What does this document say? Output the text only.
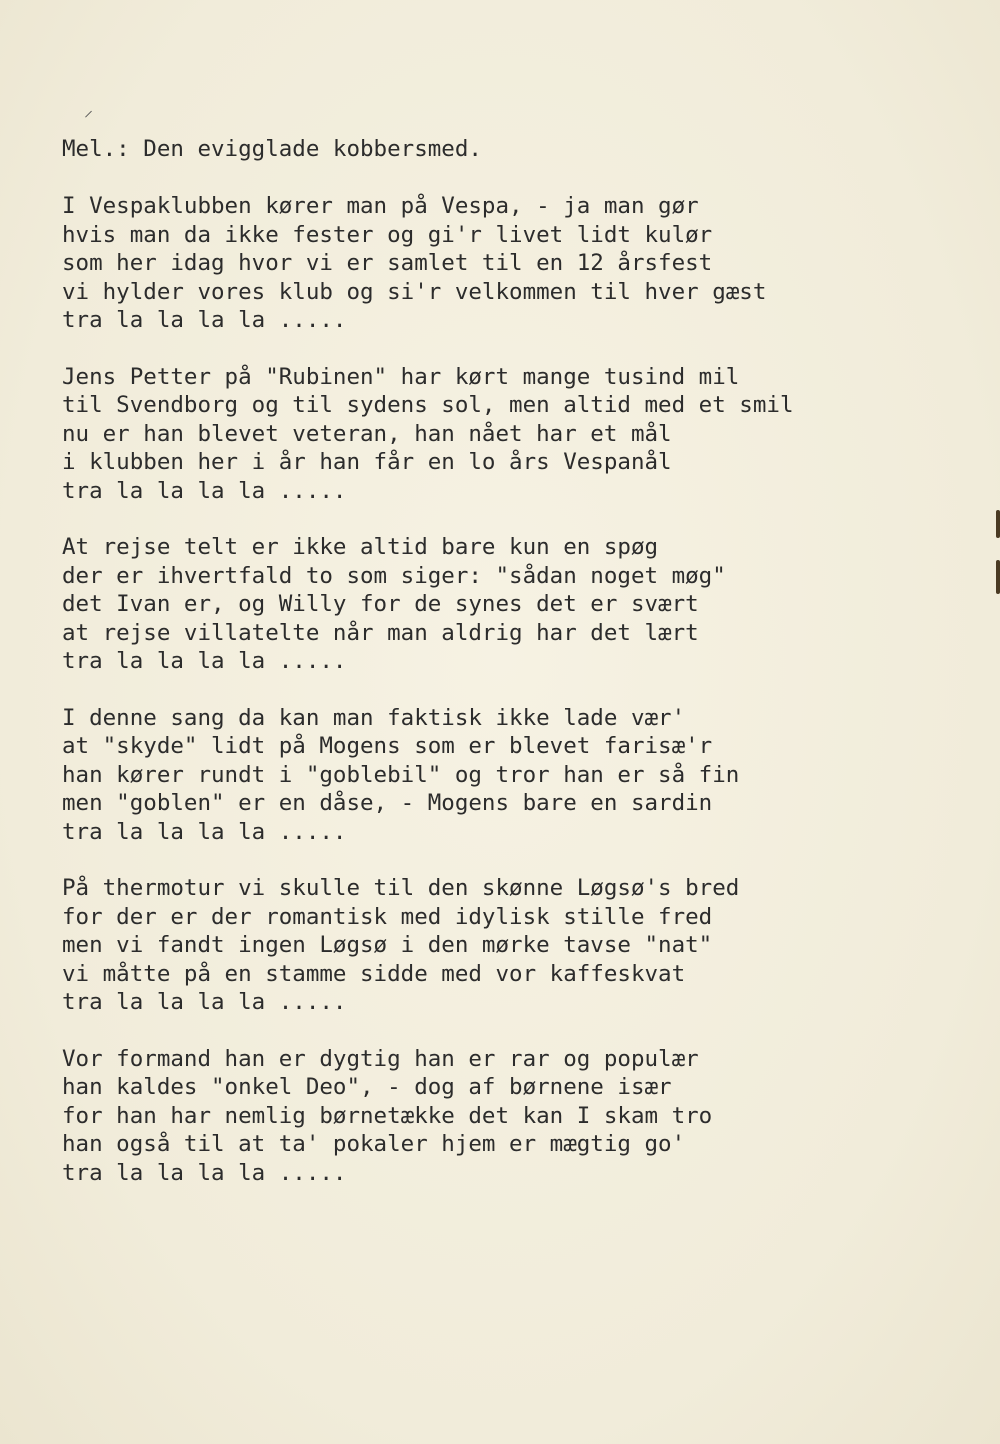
⸝
Mel.: Den evigglade kobbersmed.
I Vespaklubben kører man på Vespa, - ja man gør
hvis man da ikke fester og gi'r livet lidt kulør
som her idag hvor vi er samlet til en 12 årsfest
vi hylder vores klub og si'r velkommen til hver gæst
tra la la la la .....
Jens Petter på "Rubinen" har kørt mange tusind mil
til Svendborg og til sydens sol, men altid med et smil
nu er han blevet veteran, han nået har et mål
i klubben her i år han får en lo års Vespanål
tra la la la la .....
At rejse telt er ikke altid bare kun en spøg
der er ihvertfald to som siger: "sådan noget møg"
det Ivan er, og Willy for de synes det er svært
at rejse villatelte når man aldrig har det lært
tra la la la la .....
I denne sang da kan man faktisk ikke lade vær'
at "skyde" lidt på Mogens som er blevet farisæ'r
han kører rundt i "goblebil" og tror han er så fin
men "goblen" er en dåse, - Mogens bare en sardin
tra la la la la .....
På thermotur vi skulle til den skønne Løgsø's bred
for der er der romantisk med idylisk stille fred
men vi fandt ingen Løgsø i den mørke tavse "nat"
vi måtte på en stamme sidde med vor kaffeskvat
tra la la la la .....
Vor formand han er dygtig han er rar og populær
han kaldes "onkel Deo", - dog af børnene især
for han har nemlig børnetække det kan I skam tro
han også til at ta' pokaler hjem er mægtig go'
tra la la la la .....
